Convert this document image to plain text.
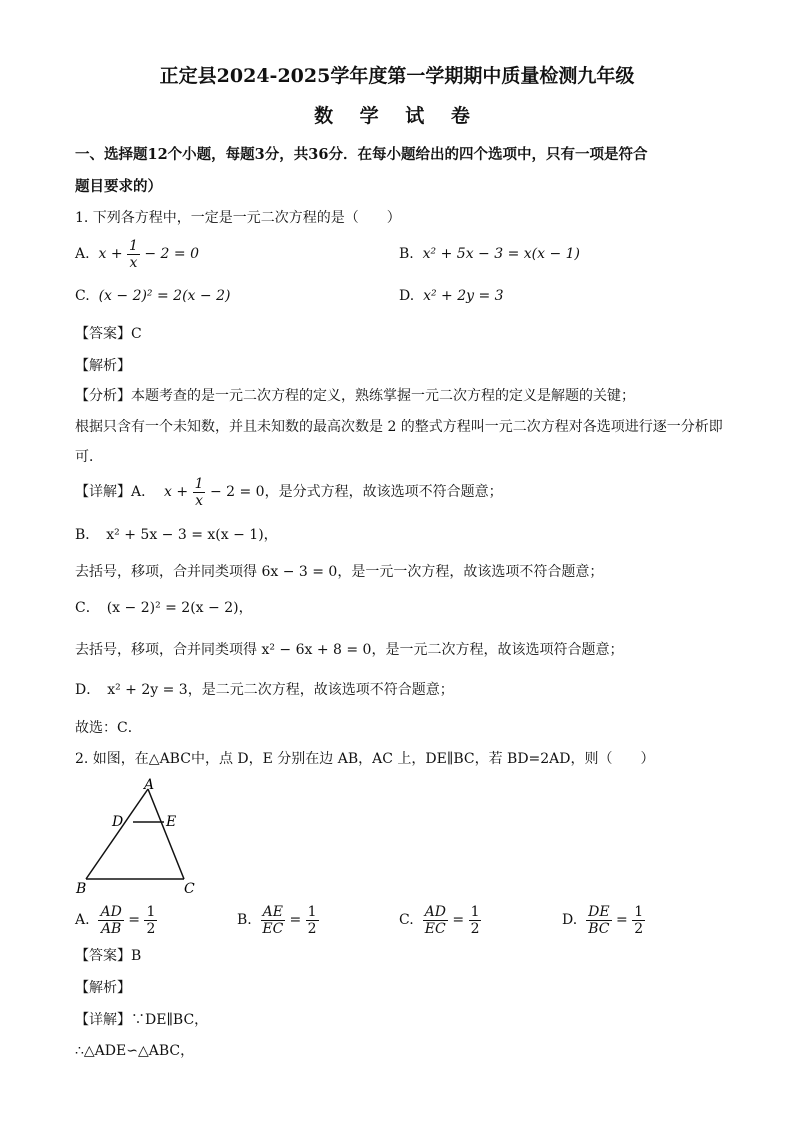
正定县2024-2025学年度第一学期期中质量检测九年级
数 学 试 卷
一、选择题12个小题，每题3分，共36分．在每小题给出的四个选项中，只有一项是符合
题目要求的）
1. 下列各方程中，一定是一元二次方程的是（　　）
A. $x + \frac{1}{x} - 2 = 0$	B. x² + 5x − 3 = x(x − 1)
C. (x − 2)² = 2(x − 2)	D. x² + 2y = 3
【答案】C
【解析】
【分析】本题考查的是一元二次方程的定义，熟练掌握一元二次方程的定义是解题的关键；
根据只含有一个未知数，并且未知数的最高次数是 2 的整式方程叫一元二次方程对各选项进行逐一分析即
可．
【详解】A． $x + \frac{1}{x} - 2 = 0$，是分式方程，故该选项不符合题意；
B．　x² + 5x − 3 = x(x − 1)，
去括号，移项，合并同类项得 6x − 3 = 0，是一元一次方程，故该选项不符合题意；
C．　(x − 2)² = 2(x − 2)，
去括号，移项，合并同类项得 x² − 6x + 8 = 0，是一元二次方程，故该选项符合题意；
D．　x² + 2y = 3，是二元二次方程，故该选项不符合题意；
故选：C．
2. 如图，在△ABC中，点 D，E 分别在边 AB，AC 上，DE∥BC，若 BD=2AD，则（　　）
A
D	E
B	C
A. $\frac{AD}{AB} = \frac{1}{2}$	B. $\frac{AE}{EC} = \frac{1}{2}$	C. $\frac{AD}{EC} = \frac{1}{2}$	D. $\frac{DE}{BC} = \frac{1}{2}$
【答案】B
【解析】
【详解】∵DE∥BC，
∴△ADE∽△ABC，
